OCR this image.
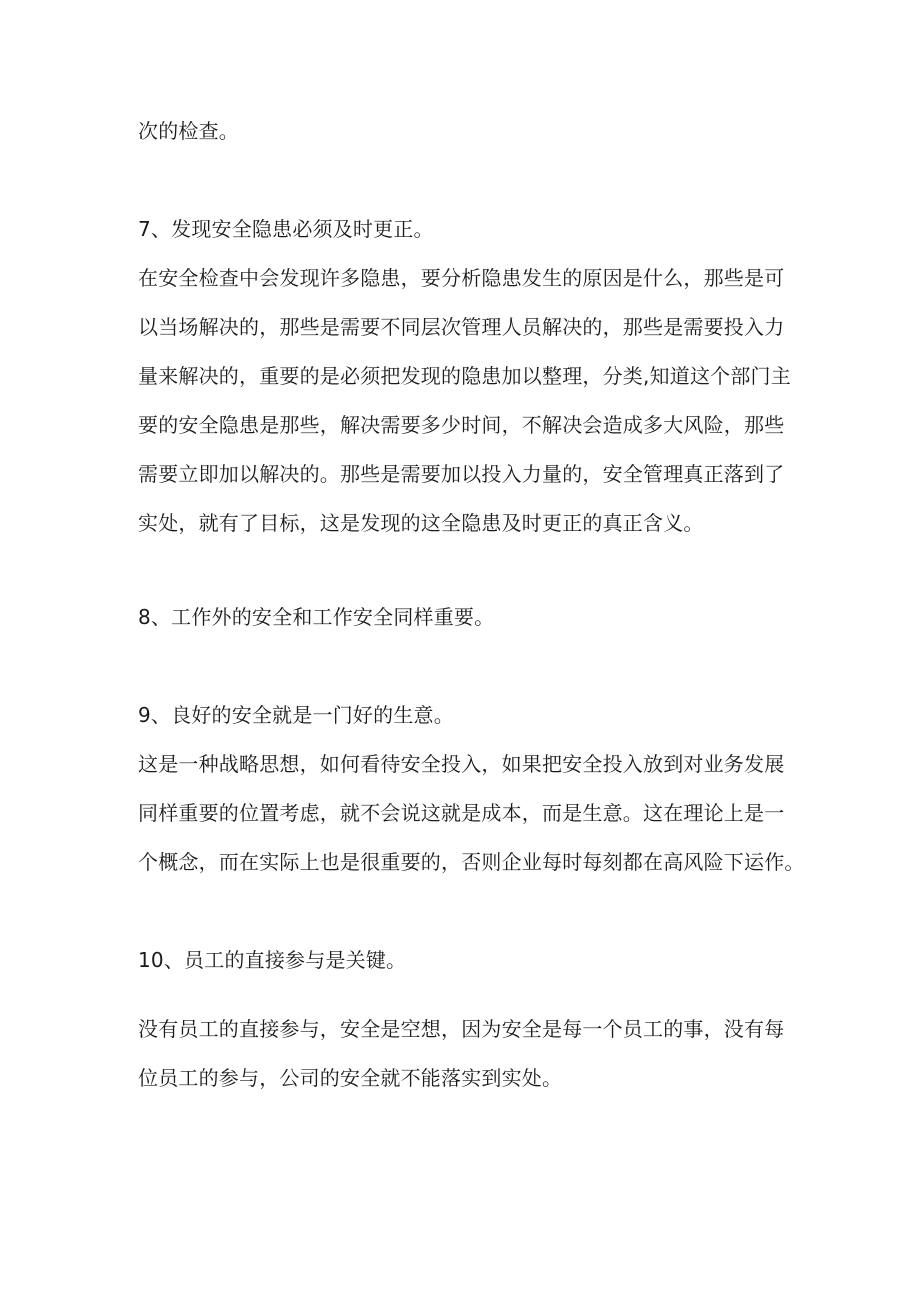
次的检查。
7、发现安全隐患必须及时更正。
在安全检查中会发现许多隐患，要分析隐患发生的原因是什么，那些是可
以当场解决的，那些是需要不同层次管理人员解决的，那些是需要投入力
量来解决的，重要的是必须把发现的隐患加以整理，分类,知道这个部门主
要的安全隐患是那些，解决需要多少时间，不解决会造成多大风险，那些
需要立即加以解决的。那些是需要加以投入力量的，安全管理真正落到了
实处，就有了目标，这是发现的这全隐患及时更正的真正含义。
8、工作外的安全和工作安全同样重要。
9、良好的安全就是一门好的生意。
这是一种战略思想，如何看待安全投入，如果把安全投入放到对业务发展
同样重要的位置考虑，就不会说这就是成本，而是生意。这在理论上是一
个概念，而在实际上也是很重要的，否则企业每时每刻都在高风险下运作。
10、员工的直接参与是关键。
没有员工的直接参与，安全是空想，因为安全是每一个员工的事，没有每
位员工的参与，公司的安全就不能落实到实处。
